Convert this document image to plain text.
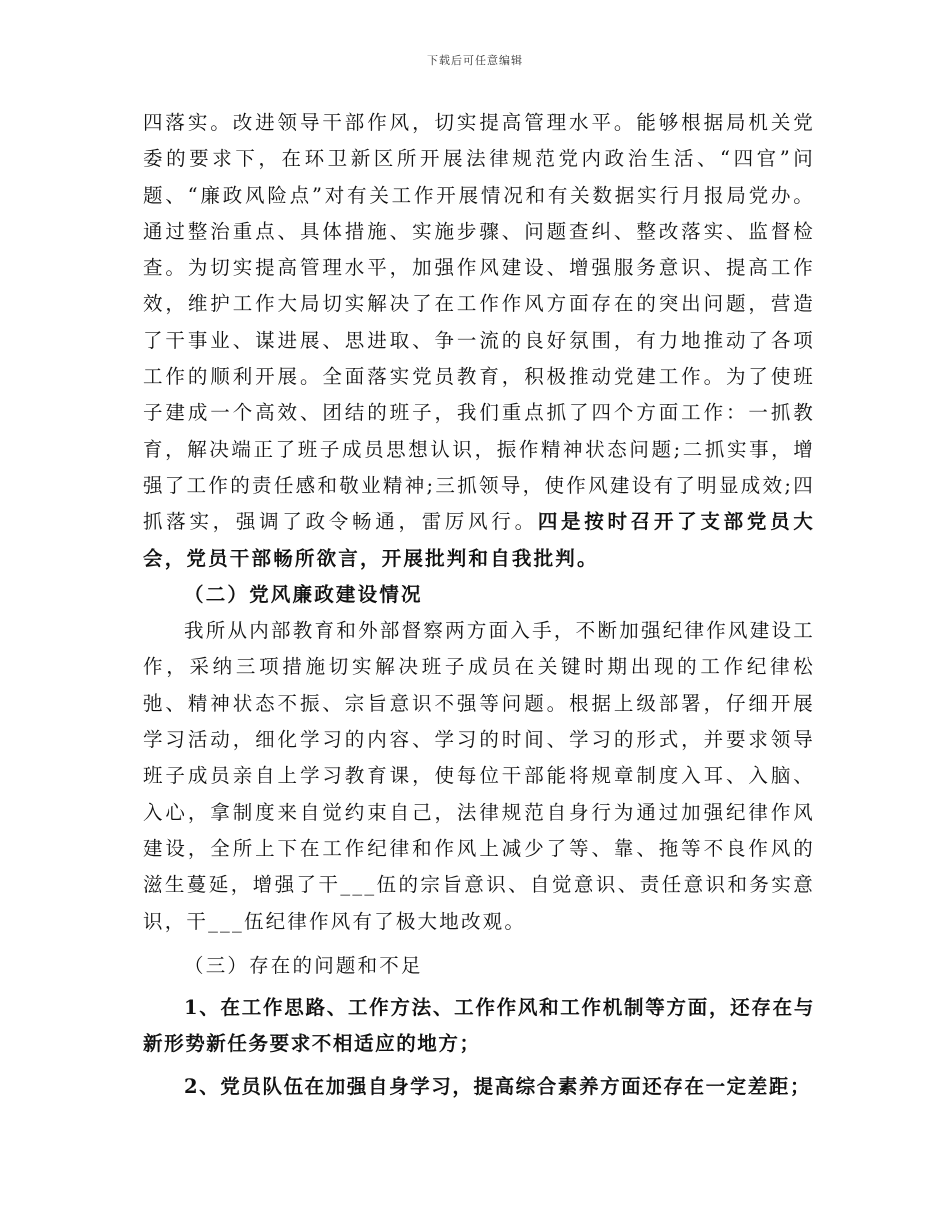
下载后可任意编辑

四落实。改进领导干部作风，切实提高管理水平。能够根据局机关党委的要求下，在环卫新区所开展法律规范党内政治生活、“四官”问题、“廉政风险点”对有关工作开展情况和有关数据实行月报局党办。通过整治重点、具体措施、实施步骤、问题查纠、整改落实、监督检查。为切实提高管理水平，加强作风建设、增强服务意识、提高工作效，维护工作大局切实解决了在工作作风方面存在的突出问题，营造了干事业、谋进展、思进取、争一流的良好氛围，有力地推动了各项工作的顺利开展。全面落实党员教育，积极推动党建工作。为了使班子建成一个高效、团结的班子，我们重点抓了四个方面工作：一抓教育，解决端正了班子成员思想认识，振作精神状态问题;二抓实事，增强了工作的责任感和敬业精神;三抓领导，使作风建设有了明显成效;四抓落实，强调了政令畅通，雷厉风行。四是按时召开了支部党员大会，党员干部畅所欲言，开展批判和自我批判。

（二）党风廉政建设情况

我所从内部教育和外部督察两方面入手，不断加强纪律作风建设工作，采纳三项措施切实解决班子成员在关键时期出现的工作纪律松弛、精神状态不振、宗旨意识不强等问题。根据上级部署，仔细开展学习活动，细化学习的内容、学习的时间、学习的形式，并要求领导班子成员亲自上学习教育课，使每位干部能将规章制度入耳、入脑、入心，拿制度来自觉约束自己，法律规范自身行为通过加强纪律作风建设，全所上下在工作纪律和作风上减少了等、靠、拖等不良作风的滋生蔓延，增强了干___伍的宗旨意识、自觉意识、责任意识和务实意识，干___伍纪律作风有了极大地改观。

（三）存在的问题和不足

1、在工作思路、工作方法、工作作风和工作机制等方面，还存在与新形势新任务要求不相适应的地方；

2、党员队伍在加强自身学习，提高综合素养方面还存在一定差距；
